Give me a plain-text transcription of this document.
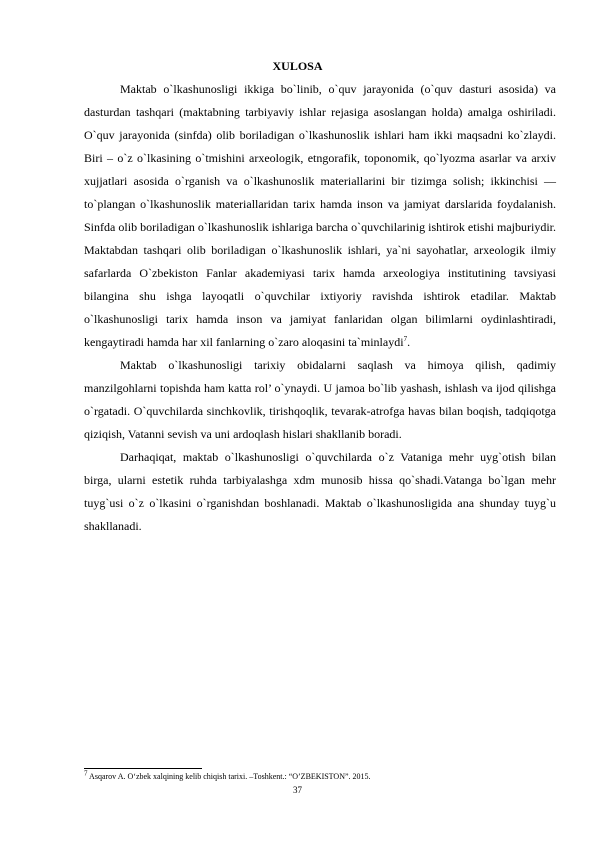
XULOSA

Maktab o`lkashunosligi ikkiga bo`linib, o`quv jarayonida (o`quv dasturi asosida) va dasturdan tashqari (maktabning tarbiyaviy ishlar rejasiga asoslangan holda) amalga oshiriladi. O`quv jarayonida (sinfda) olib boriladigan o`lkashunoslik ishlari ham ikki maqsadni ko`zlaydi. Biri – o`z o`lkasining o`tmishini arxeologik, etngorafik, toponomik, qo`lyozma asarlar va arxiv xujjatlari asosida o`rganish va o`lkashunoslik materiallarini bir tizimga solish; ikkinchisi — to`plangan o`lkashunoslik materiallaridan tarix hamda inson va jamiyat darslarida foydalanish. Sinfda olib boriladigan o`lkashunoslik ishlariga barcha o`quvchilarinig ishtirok etishi majburiydir. Maktabdan tashqari olib boriladigan o`lkashunoslik ishlari, ya`ni sayohatlar, arxeologik ilmiy safarlarda O`zbekiston Fanlar akademiyasi tarix hamda arxeologiya institutining tavsiyasi bilangina shu ishga layoqatli o`quvchilar ixtiyoriy ravishda ishtirok etadilar. Maktab o`lkashunosligi tarix hamda inson va jamiyat fanlaridan olgan bilimlarni oydinlashtiradi, kengaytiradi hamda har xil fanlarning o`zaro aloqasini ta`minlaydi$^7$.

Maktab o`lkashunosligi tarixiy obidalarni saqlash va himoya qilish, qadimiy manzilgohlarni topishda ham katta rol’ o`ynaydi. U jamoa bo`lib yashash, ishlash va ijod qilishga o`rgatadi. O`quvchilarda sinchkovlik, tirishqoqlik, tevarak-atrofga havas bilan boqish, tadqiqotga qiziqish, Vatanni sevish va uni ardoqlash hislari shakllanib boradi.

Darhaqiqat, maktab o`lkashunosligi o`quvchilarda o`z Vataniga mehr uyg`otish bilan birga, ularni estetik ruhda tarbiyalashga xdm munosib hissa qo`shadi.Vatanga bo`lgan mehr tuyg`usi o`z o`lkasini o`rganishdan boshlanadi. Maktab o`lkashunosligida ana shunday tuyg`u shakllanadi.

$^7$ Asqarov A. O‘zbek xalqining kelib chiqish tarixi. –Toshkent.: “O’ZBEKISTON”. 2015.
37
